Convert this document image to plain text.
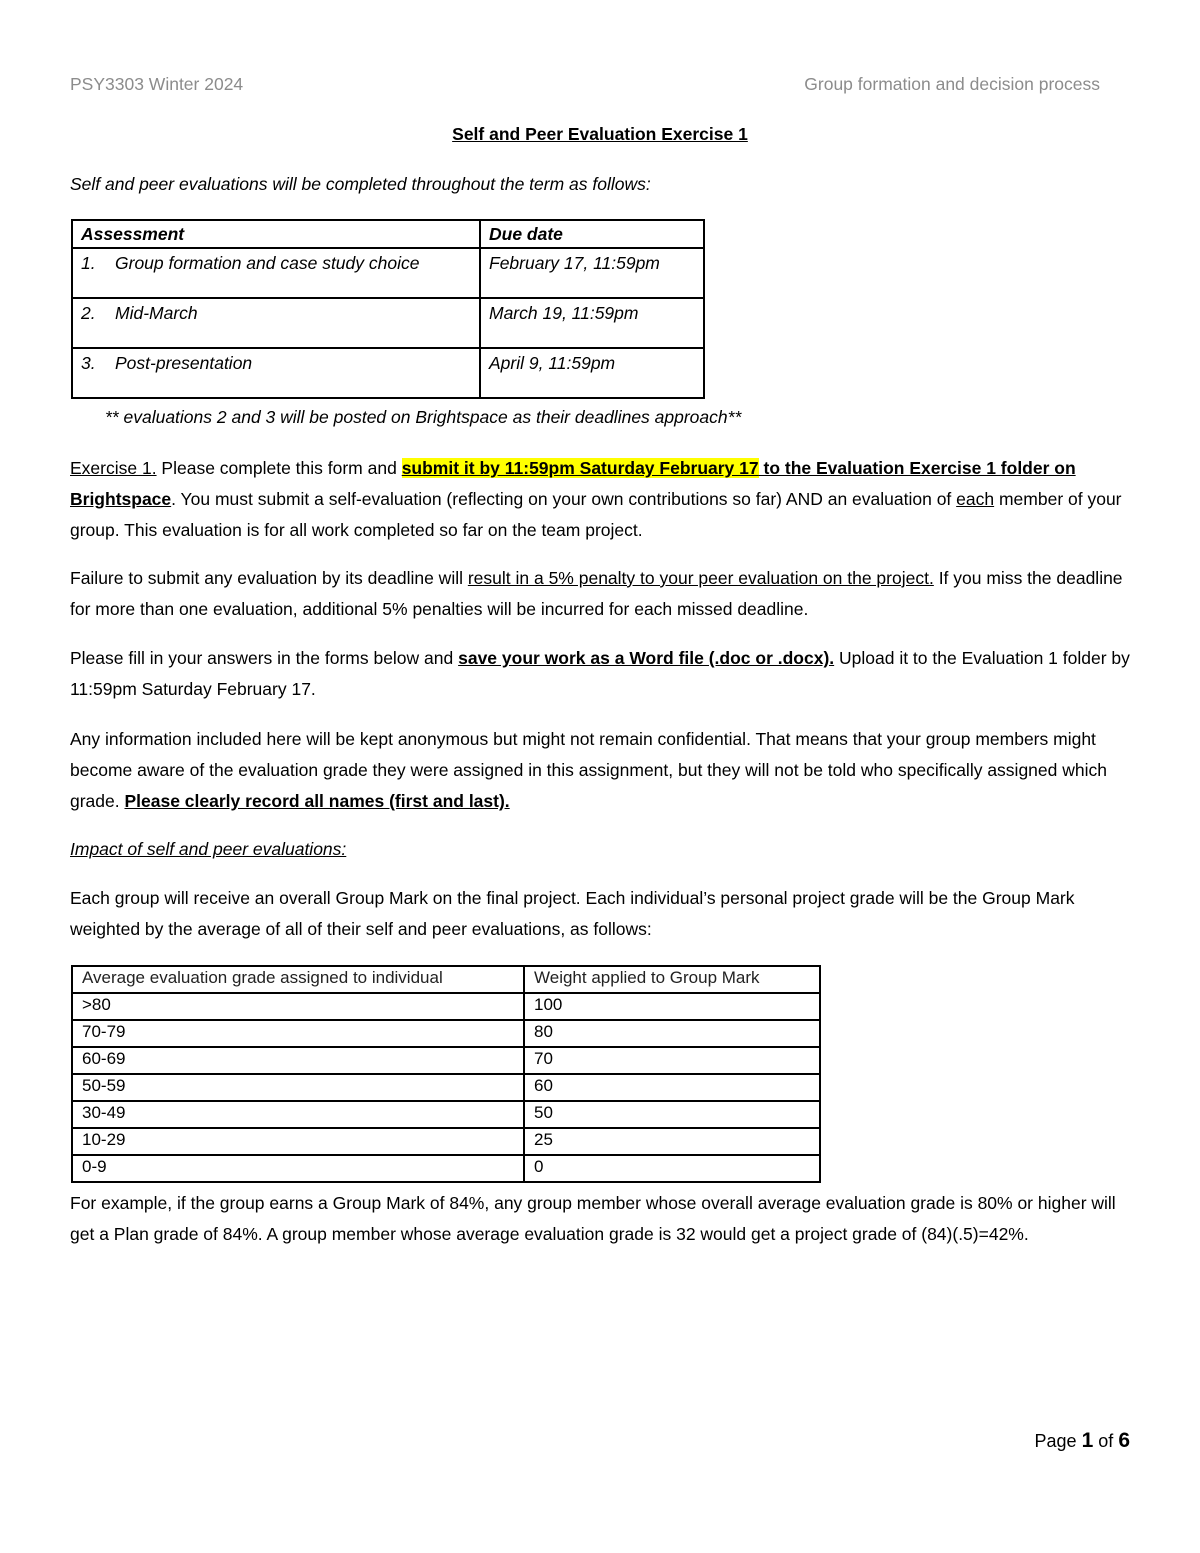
PSY3303 Winter 2024	Group formation and decision process
Self and Peer Evaluation Exercise 1
Self and peer evaluations will be completed throughout the term as follows:
Assessment	Due date
1. Group formation and case study choice	February 17, 11:59pm
2. Mid-March	March 19, 11:59pm
3. Post-presentation	April 9, 11:59pm
** evaluations 2 and 3 will be posted on Brightspace as their deadlines approach**
Exercise 1. Please complete this form and submit it by 11:59pm Saturday February 17 to the Evaluation Exercise 1 folder on Brightspace. You must submit a self-evaluation (reflecting on your own contributions so far) AND an evaluation of each member of your group. This evaluation is for all work completed so far on the team project.
Failure to submit any evaluation by its deadline will result in a 5% penalty to your peer evaluation on the project. If you miss the deadline for more than one evaluation, additional 5% penalties will be incurred for each missed deadline.
Please fill in your answers in the forms below and save your work as a Word file (.doc or .docx). Upload it to the Evaluation 1 folder by 11:59pm Saturday February 17.
Any information included here will be kept anonymous but might not remain confidential. That means that your group members might become aware of the evaluation grade they were assigned in this assignment, but they will not be told who specifically assigned which grade. Please clearly record all names (first and last).
Impact of self and peer evaluations:
Each group will receive an overall Group Mark on the final project. Each individual’s personal project grade will be the Group Mark weighted by the average of all of their self and peer evaluations, as follows:
Average evaluation grade assigned to individual	Weight applied to Group Mark
>80	100
70-79	80
60-69	70
50-59	60
30-49	50
10-29	25
0-9	0
For example, if the group earns a Group Mark of 84%, any group member whose overall average evaluation grade is 80% or higher will get a Plan grade of 84%. A group member whose average evaluation grade is 32 would get a project grade of (84)(.5)=42%.
Page 1 of 6
